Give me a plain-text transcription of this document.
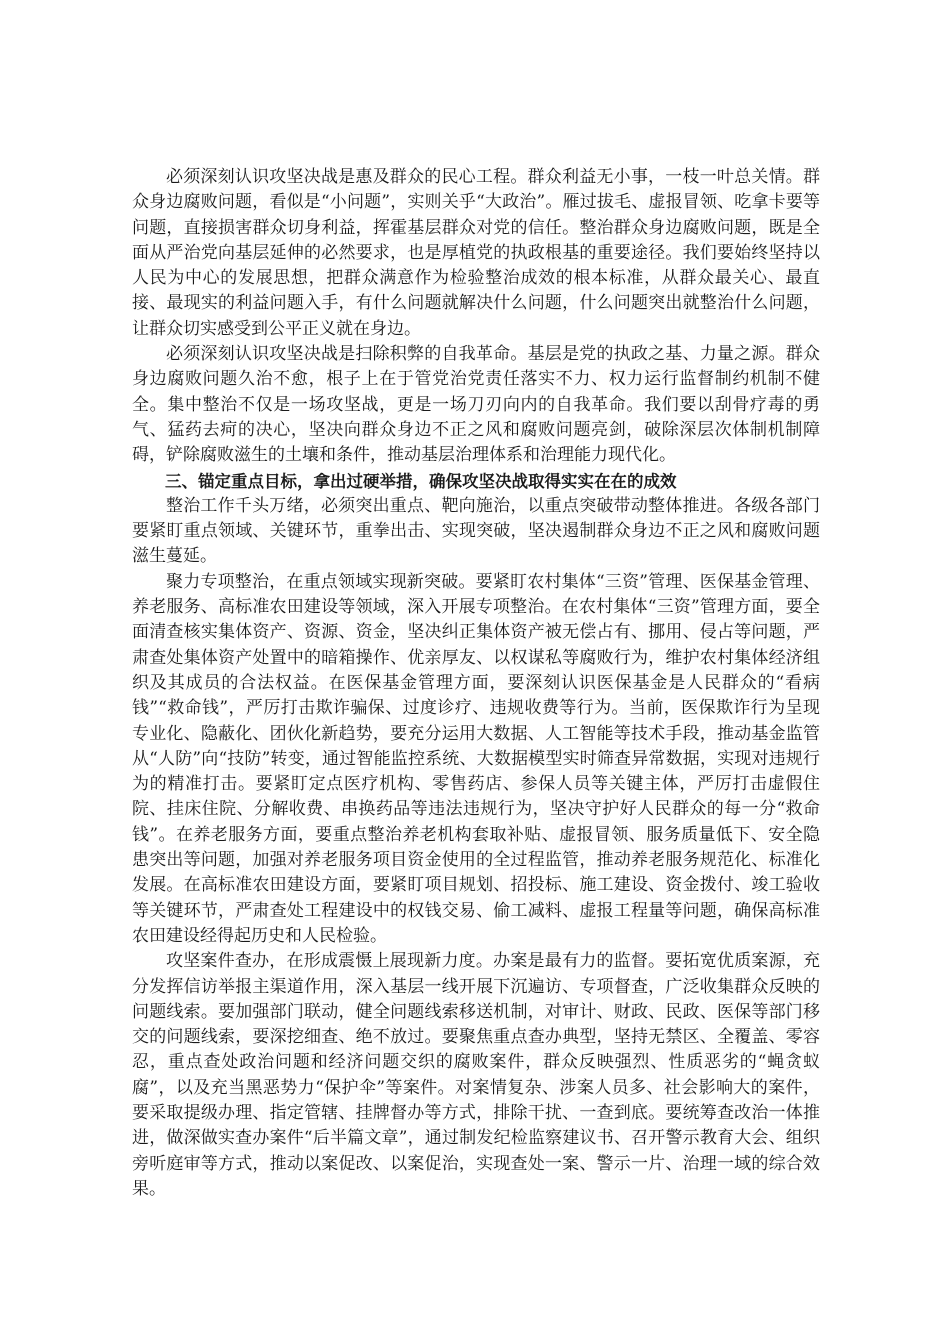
必须深刻认识攻坚决战是惠及群众的民心工程。群众利益无小事，一枝一叶总关情。群众身边腐败问题，看似是“小问题”，实则关乎“大政治”。雁过拔毛、虚报冒领、吃拿卡要等问题，直接损害群众切身利益，挥霍基层群众对党的信任。整治群众身边腐败问题，既是全面从严治党向基层延伸的必然要求，也是厚植党的执政根基的重要途径。我们要始终坚持以人民为中心的发展思想，把群众满意作为检验整治成效的根本标准，从群众最关心、最直接、最现实的利益问题入手，有什么问题就解决什么问题，什么问题突出就整治什么问题，让群众切实感受到公平正义就在身边。

必须深刻认识攻坚决战是扫除积弊的自我革命。基层是党的执政之基、力量之源。群众身边腐败问题久治不愈，根子上在于管党治党责任落实不力、权力运行监督制约机制不健全。集中整治不仅是一场攻坚战，更是一场刀刃向内的自我革命。我们要以刮骨疗毒的勇气、猛药去疴的决心，坚决向群众身边不正之风和腐败问题亮剑，破除深层次体制机制障碍，铲除腐败滋生的土壤和条件，推动基层治理体系和治理能力现代化。

三、锚定重点目标，拿出过硬举措，确保攻坚决战取得实实在在的成效

整治工作千头万绪，必须突出重点、靶向施治，以重点突破带动整体推进。各级各部门要紧盯重点领域、关键环节，重拳出击、实现突破，坚决遏制群众身边不正之风和腐败问题滋生蔓延。

聚力专项整治，在重点领域实现新突破。要紧盯农村集体“三资”管理、医保基金管理、养老服务、高标准农田建设等领域，深入开展专项整治。在农村集体“三资”管理方面，要全面清查核实集体资产、资源、资金，坚决纠正集体资产被无偿占有、挪用、侵占等问题，严肃查处集体资产处置中的暗箱操作、优亲厚友、以权谋私等腐败行为，维护农村集体经济组织及其成员的合法权益。在医保基金管理方面，要深刻认识医保基金是人民群众的“看病钱”“救命钱”，严厉打击欺诈骗保、过度诊疗、违规收费等行为。当前，医保欺诈行为呈现专业化、隐蔽化、团伙化新趋势，要充分运用大数据、人工智能等技术手段，推动基金监管从“人防”向“技防”转变，通过智能监控系统、大数据模型实时筛查异常数据，实现对违规行为的精准打击。要紧盯定点医疗机构、零售药店、参保人员等关键主体，严厉打击虚假住院、挂床住院、分解收费、串换药品等违法违规行为，坚决守护好人民群众的每一分“救命钱”。在养老服务方面，要重点整治养老机构套取补贴、虚报冒领、服务质量低下、安全隐患突出等问题，加强对养老服务项目资金使用的全过程监管，推动养老服务规范化、标准化发展。在高标准农田建设方面，要紧盯项目规划、招投标、施工建设、资金拨付、竣工验收等关键环节，严肃查处工程建设中的权钱交易、偷工减料、虚报工程量等问题，确保高标准农田建设经得起历史和人民检验。

攻坚案件查办，在形成震慑上展现新力度。办案是最有力的监督。要拓宽优质案源，充分发挥信访举报主渠道作用，深入基层一线开展下沉遍访、专项督查，广泛收集群众反映的问题线索。要加强部门联动，健全问题线索移送机制，对审计、财政、民政、医保等部门移交的问题线索，要深挖细查、绝不放过。要聚焦重点查办典型，坚持无禁区、全覆盖、零容忍，重点查处政治问题和经济问题交织的腐败案件，群众反映强烈、性质恶劣的“蝇贪蚁腐”，以及充当黑恶势力“保护伞”等案件。对案情复杂、涉案人员多、社会影响大的案件，要采取提级办理、指定管辖、挂牌督办等方式，排除干扰、一查到底。要统筹查改治一体推进，做深做实查办案件“后半篇文章”，通过制发纪检监察建议书、召开警示教育大会、组织旁听庭审等方式，推动以案促改、以案促治，实现查处一案、警示一片、治理一域的综合效果。
